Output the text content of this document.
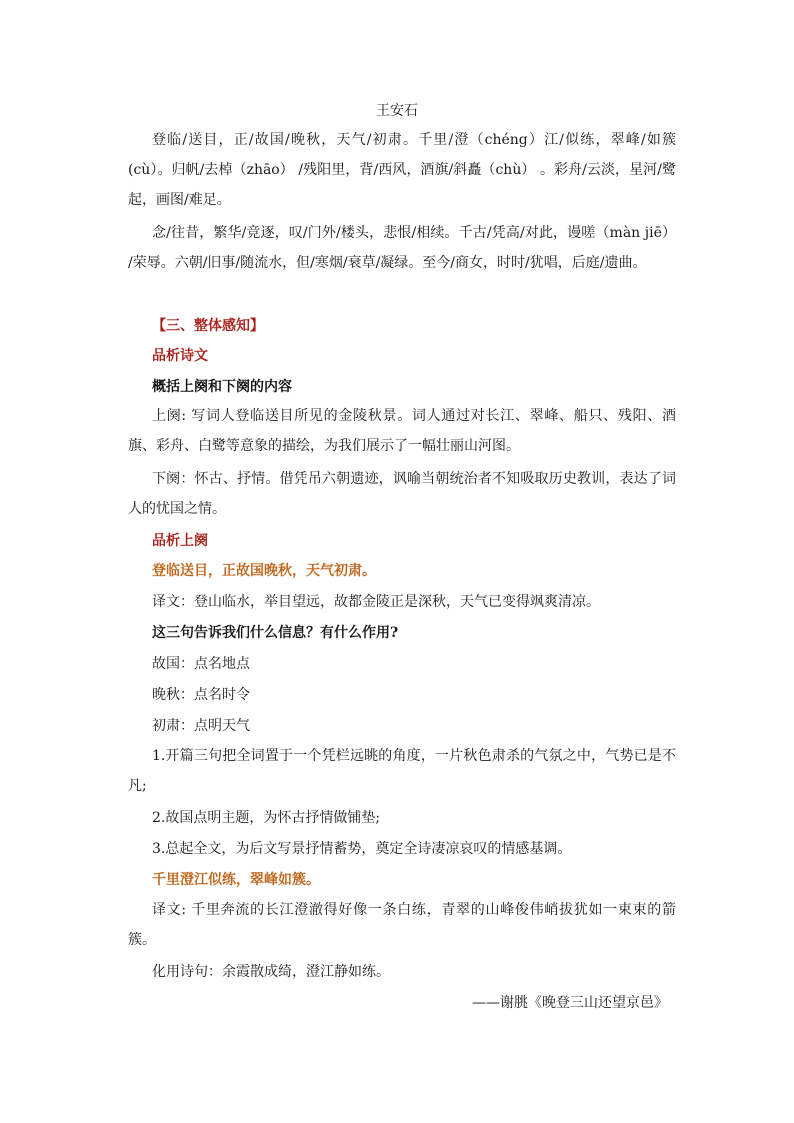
王安石

登临/送目，正/故国/晚秋，天气/初肃。千里/澄（chéng）江/似练，翠峰/如簇(cù）。归帆/去棹（zhāo） /残阳里，背/西风，酒旗/斜矗（chù） 。彩舟/云淡，星河/鹭起，画图/难足。

念/往昔，繁华/竞逐，叹/门外/楼头，悲恨/相续。千古/凭高/对此，谩嗟（màn jiē） /荣辱。六朝/旧事/随流水，但/寒烟/衰草/凝绿。至今/商女，时时/犹唱，后庭/遗曲。

【三、整体感知】
品析诗文
概括上阕和下阕的内容

上阕: 写词人登临送目所见的金陵秋景。词人通过对长江、翠峰、船只、残阳、酒旗、彩舟、白鹭等意象的描绘，为我们展示了一幅壮丽山河图。

下阕：怀古、抒情。借凭吊六朝遗迹，讽喻当朝统治者不知吸取历史教训，表达了词人的忧国之情。

品析上阕
登临送目，正故国晚秋，天气初肃。
译文：登山临水，举目望远，故都金陵正是深秋，天气已变得飒爽清凉。
这三句告诉我们什么信息？有什么作用?
故国：点名地点
晚秋：点名时令
初肃：点明天气

1.开篇三句把全词置于一个凭栏远眺的角度，一片秋色肃杀的气氛之中，气势已是不凡;

2.故国点明主题，为怀古抒情做铺垫;
3.总起全文，为后文写景抒情蓄势，奠定全诗凄凉哀叹的情感基调。
千里澄江似练，翠峰如簇。

译文: 千里奔流的长江澄澈得好像一条白练，青翠的山峰俊伟峭拔犹如一束束的箭簇。

化用诗句：余霞散成绮，澄江静如练。
——谢朓《晚登三山还望京邑》
